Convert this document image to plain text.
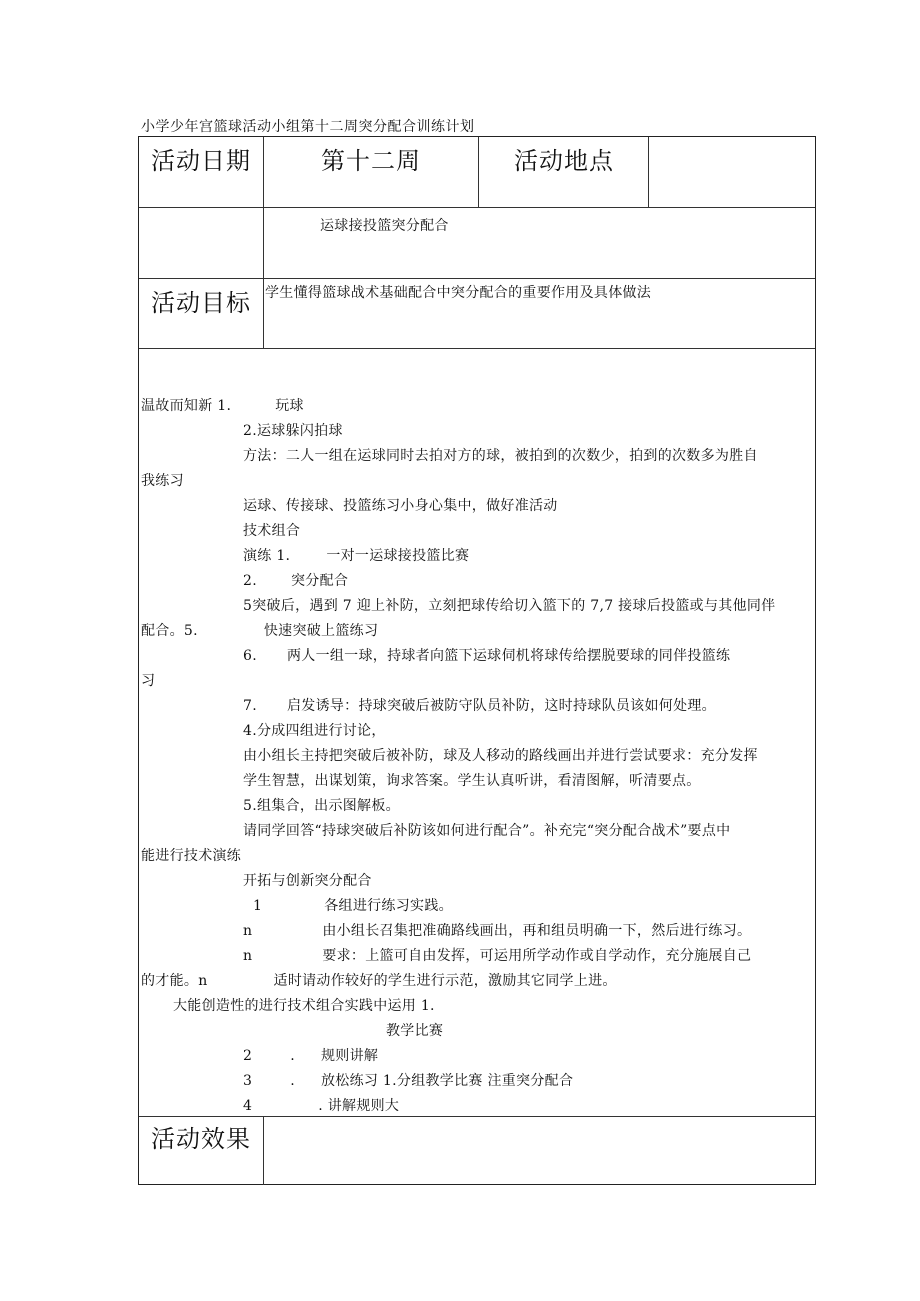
小学少年宫篮球活动小组第十二周突分配合训练计划
活动日期	第十二周	活动地点
运球接投篮突分配合
活动目标 学生懂得篮球战术基础配合中突分配合的重要作用及具体做法
温故而知新 1.	玩球
2.运球躲闪拍球
方法：二人一组在运球同时去拍对方的球，被拍到的次数少，拍到的次数多为胜自
我练习
运球、传接球、投篮练习小身心集中，做好准活动
技术组合
演练 1.	一对一运球接投篮比赛
2. 突分配合
5突破后，遇到 7 迎上补防，立刻把球传给切入篮下的 7,7 接球后投篮或与其他同伴
配合。5.	快速突破上篮练习
6. 两人一组一球，持球者向篮下运球伺机将球传给摆脱要球的同伴投篮练
习
7. 启发诱导：持球突破后被防守队员补防，这时持球队员该如何处理。
4.分成四组进行讨论，
由小组长主持把突破后被补防，球及人移动的路线画出并进行尝试要求：充分发挥
学生智慧，出谋划策，询求答案。学生认真听讲，看清图解，听清要点。
5.组集合，出示图解板。
请同学回答“持球突破后补防该如何进行配合”。补充完“突分配合战术”要点中
能进行技术演练
开拓与创新突分配合
1	各组进行练习实践。
n	由小组长召集把准确路线画出，再和组员明确一下，然后进行练习。
n	要求：上篮可自由发挥，可运用所学动作或自学动作，充分施展自己
的才能。n	适时请动作较好的学生进行示范，激励其它同学上进。
大能创造性的进行技术组合实践中运用 1.
教学比赛
2	. 规则讲解
3	. 放松练习 1.分组教学比赛 注重突分配合
4	. 讲解规则大
活动效果
